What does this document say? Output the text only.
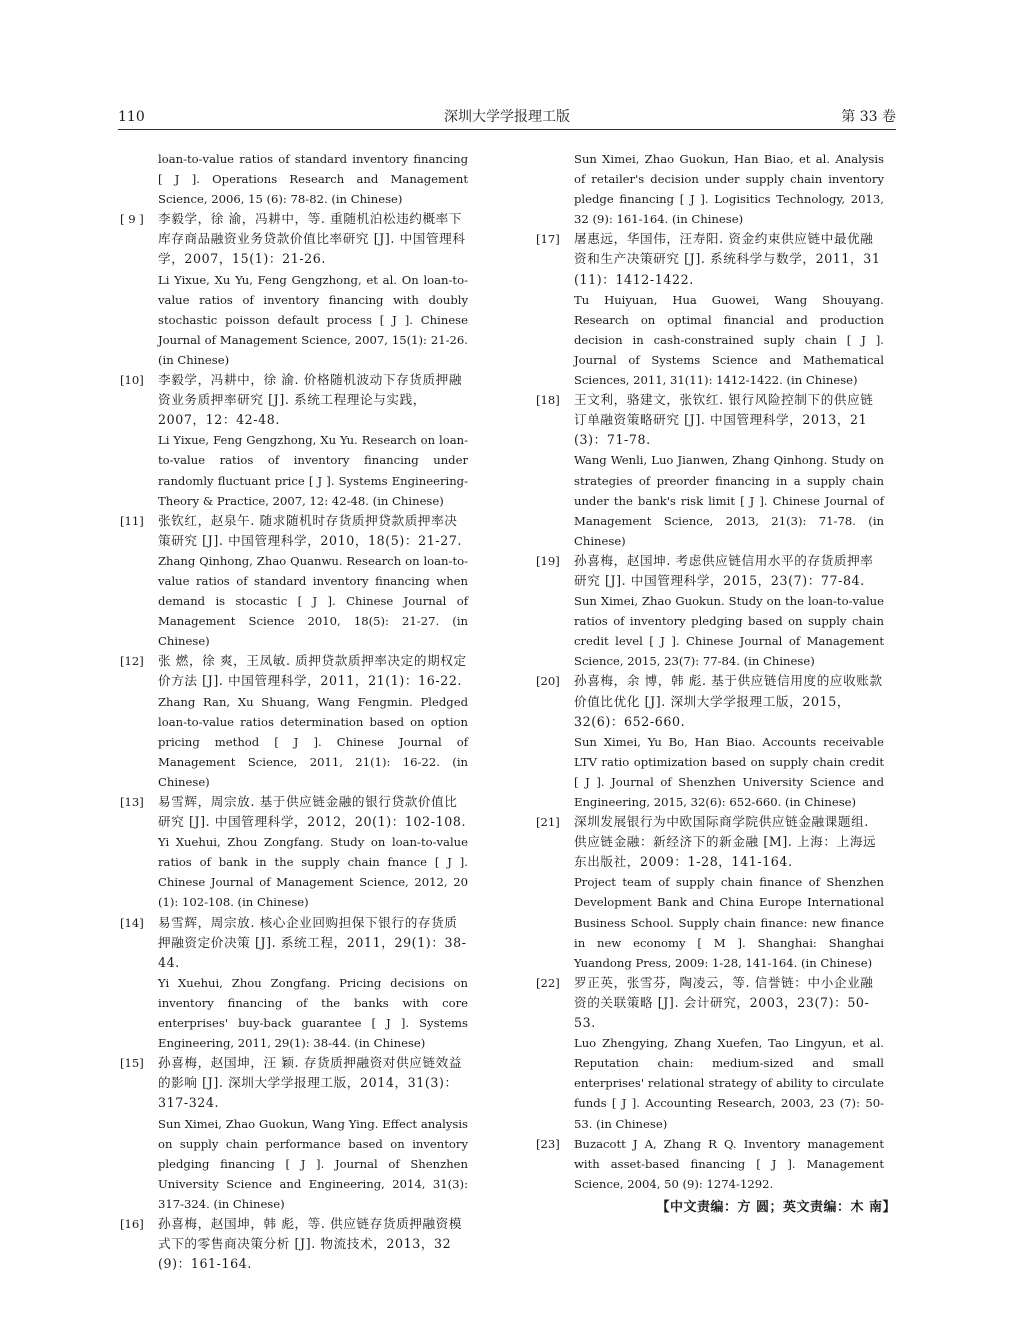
110	深圳大学学报理工版	第 33 卷

loan-to-value ratios of standard inventory financing [ J ]. Operations Research and Management Science, 2006, 15 (6): 78-82. (in Chinese)

[ 9 ]	李毅学，徐 渝，冯耕中，等. 重随机泊松违约概率下库存商品融资业务贷款价值比率研究 [J]. 中国管理科学，2007，15(1)：21-26.

Li Yixue, Xu Yu, Feng Gengzhong, et al. On loan-to-value ratios of inventory financing with doubly stochastic poisson default process [ J ]. Chinese Journal of Management Science, 2007, 15(1): 21-26. (in Chinese)

[10]	李毅学，冯耕中，徐 渝. 价格随机波动下存货质押融资业务质押率研究 [J]. 系统工程理论与实践，2007，12：42-48.

Li Yixue, Feng Gengzhong, Xu Yu. Research on loan-to-value ratios of inventory financing under randomly fluctuant price [ J ]. Systems Engineering-Theory & Practice, 2007, 12: 42-48. (in Chinese)

[11]	张钦红，赵泉午. 随求随机时存货质押贷款质押率决策研究 [J]. 中国管理科学，2010，18(5)：21-27.

Zhang Qinhong, Zhao Quanwu. Research on loan-to-value ratios of standard inventory financing when demand is stocastic [ J ]. Chinese Journal of Management Science 2010, 18(5): 21-27. (in Chinese)

[12]	张 燃，徐 爽，王凤敏. 质押贷款质押率决定的期权定价方法 [J]. 中国管理科学，2011，21(1)：16-22.

Zhang Ran, Xu Shuang, Wang Fengmin. Pledged loan-to-value ratios determination based on option pricing method [ J ]. Chinese Journal of Management Science, 2011, 21(1): 16-22. (in Chinese)

[13]	易雪辉，周宗放. 基于供应链金融的银行贷款价值比研究 [J]. 中国管理科学，2012，20(1)：102-108.

Yi Xuehui, Zhou Zongfang. Study on loan-to-value ratios of bank in the supply chain fnance [ J ]. Chinese Journal of Management Science, 2012, 20 (1): 102-108. (in Chinese)

[14]	易雪辉，周宗放. 核心企业回购担保下银行的存货质押融资定价决策 [J]. 系统工程，2011，29(1)：38-44.

Yi Xuehui, Zhou Zongfang. Pricing decisions on inventory financing of the banks with core enterprises' buy-back guarantee [ J ]. Systems Engineering, 2011, 29(1): 38-44. (in Chinese)

[15]	孙喜梅，赵国坤，汪 颖. 存货质押融资对供应链效益的影响 [J]. 深圳大学学报理工版，2014，31(3)：317-324.

Sun Ximei, Zhao Guokun, Wang Ying. Effect analysis on supply chain performance based on inventory pledging financing [ J ]. Journal of Shenzhen University Science and Engineering, 2014, 31(3): 317-324. (in Chinese)

[16]	孙喜梅，赵国坤，韩 彪，等. 供应链存货质押融资模式下的零售商决策分析 [J]. 物流技术，2013，32 (9)：161-164.

Sun Ximei, Zhao Guokun, Han Biao, et al. Analysis of retailer's decision under supply chain inventory pledge financing [ J ]. Logisitics Technology, 2013, 32 (9): 161-164. (in Chinese)

[17]	屠惠远，华国伟，汪寿阳. 资金约束供应链中最优融资和生产决策研究 [J]. 系统科学与数学，2011，31 (11)：1412-1422.

Tu Huiyuan, Hua Guowei, Wang Shouyang. Research on optimal financial and production decision in cash-constrained suply chain [ J ]. Journal of Systems Science and Mathematical Sciences, 2011, 31(11): 1412-1422. (in Chinese)

[18]	王文利，骆建文，张钦红. 银行风险控制下的供应链订单融资策略研究 [J]. 中国管理科学，2013，21 (3)：71-78.

Wang Wenli, Luo Jianwen, Zhang Qinhong. Study on strategies of preorder financing in a supply chain under the bank's risk limit [ J ]. Chinese Journal of Management Science, 2013, 21(3): 71-78. (in Chinese)

[19]	孙喜梅，赵国坤. 考虑供应链信用水平的存货质押率研究 [J]. 中国管理科学，2015，23(7)：77-84.

Sun Ximei, Zhao Guokun. Study on the loan-to-value ratios of inventory pledging based on supply chain credit level [ J ]. Chinese Journal of Management Science, 2015, 23(7): 77-84. (in Chinese)

[20]	孙喜梅，余 博，韩 彪. 基于供应链信用度的应收账款价值比优化 [J]. 深圳大学学报理工版，2015，32(6)：652-660.

Sun Ximei, Yu Bo, Han Biao. Accounts receivable LTV ratio optimization based on supply chain credit [ J ]. Journal of Shenzhen University Science and Engineering, 2015, 32(6): 652-660. (in Chinese)

[21]	深圳发展银行为中欧国际商学院供应链金融课题组. 供应链金融：新经济下的新金融 [M]. 上海：上海远东出版社，2009：1-28，141-164.

Project team of supply chain finance of Shenzhen Development Bank and China Europe International Business School. Supply chain finance: new finance in new economy [ M ]. Shanghai: Shanghai Yuandong Press, 2009: 1-28, 141-164. (in Chinese)

[22]	罗正英，张雪芬，陶凌云，等. 信誉链：中小企业融资的关联策略 [J]. 会计研究，2003，23(7)：50-53.

Luo Zhengying, Zhang Xuefen, Tao Lingyun, et al. Reputation chain: medium-sized and small enterprises' relational strategy of ability to circulate funds [ J ]. Accounting Research, 2003, 23 (7): 50-53. (in Chinese)

[23]	Buzacott J A, Zhang R Q. Inventory management with asset-based financing [ J ]. Management Science, 2004, 50 (9): 1274-1292.

【中文责编：方 圆；英文责编：木 南】
